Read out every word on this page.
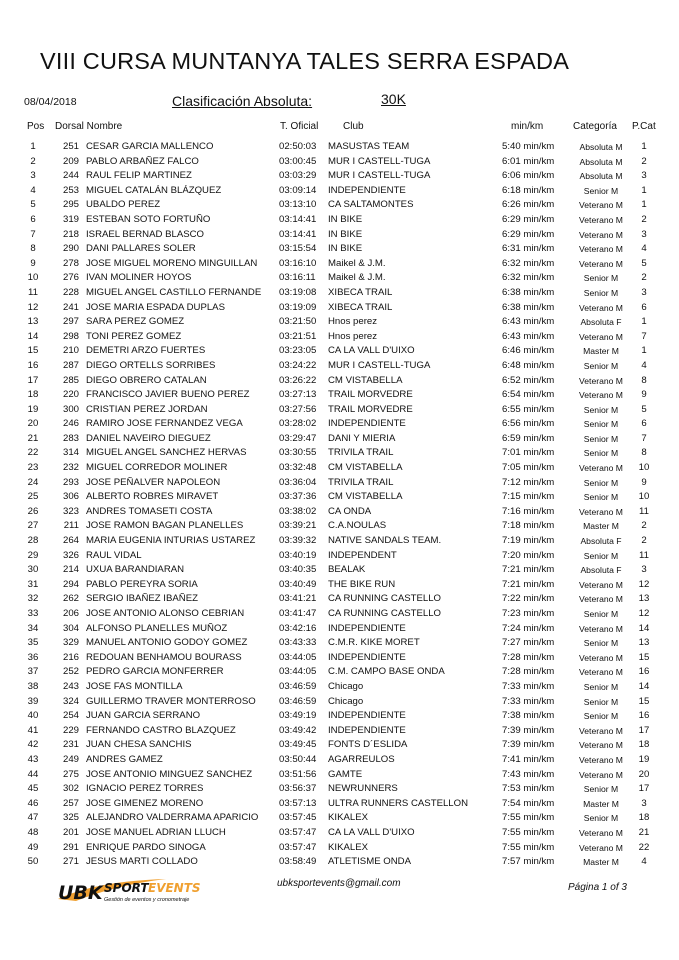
VIII CURSA MUNTANYA TALES SERRA ESPADA
08/04/2018	Clasificación Absoluta:	30K
Pos Dorsal Nombre	T. Oficial Club	min/km	Categoría P.Cat
1	251 CESAR GARCIA MALLENCO	02:50:03 MASUSTAS TEAM	5:40 min/km	Absoluta M	1
2	209 PABLO ARBAÑEZ FALCO	03:00:45 MUR I CASTELL-TUGA	6:01 min/km	Absoluta M	2
3	244 RAUL FELIP MARTINEZ	03:03:29 MUR I CASTELL-TUGA	6:06 min/km	Absoluta M	3
4	253 MIGUEL CATALÁN BLÁZQUEZ	03:09:14 INDEPENDIENTE	6:18 min/km	Senior M	1
5	295 UBALDO PEREZ	03:13:10 CA SALTAMONTES	6:26 min/km	Veterano M	1
6	319 ESTEBAN SOTO FORTUÑO	03:14:41 IN BIKE	6:29 min/km	Veterano M	2
7	218 ISRAEL BERNAD BLASCO	03:14:41 IN BIKE	6:29 min/km	Veterano M	3
8	290 DANI PALLARES SOLER	03:15:54 IN BIKE	6:31 min/km	Veterano M	4
9	278 JOSE MIGUEL MORENO MINGUILLAN	03:16:10 Maikel & J.M.	6:32 min/km	Veterano M	5
10	276 IVAN MOLINER HOYOS	03:16:11 Maikel & J.M.	6:32 min/km	Senior M	2
11	228 MIGUEL ANGEL CASTILLO FERNANDE	03:19:08 XIBECA TRAIL	6:38 min/km	Senior M	3
12	241 JOSE MARIA ESPADA DUPLAS	03:19:09 XIBECA TRAIL	6:38 min/km	Veterano M	6
13	297 SARA PEREZ GOMEZ	03:21:50 Hnos perez	6:43 min/km	Absoluta F	1
14	298 TONI PEREZ GOMEZ	03:21:51 Hnos perez	6:43 min/km	Veterano M	7
15	210 DEMETRI ARZO FUERTES	03:23:05 CA LA VALL D'UIXO	6:46 min/km	Master M	1
16	287 DIEGO ORTELLS SORRIBES	03:24:22 MUR I CASTELL-TUGA	6:48 min/km	Senior M	4
17	285 DIEGO OBRERO CATALAN	03:26:22 CM VISTABELLA	6:52 min/km	Veterano M	8
18	220 FRANCISCO JAVIER BUENO PEREZ	03:27:13 TRAIL MORVEDRE	6:54 min/km	Veterano M	9
19	300 CRISTIAN PEREZ JORDAN	03:27:56 TRAIL MORVEDRE	6:55 min/km	Senior M	5
20	246 RAMIRO JOSE FERNANDEZ VEGA	03:28:02 INDEPENDIENTE	6:56 min/km	Senior M	6
21	283 DANIEL NAVEIRO DIEGUEZ	03:29:47 DANI Y MIERIA	6:59 min/km	Senior M	7
22	314 MIGUEL ANGEL SANCHEZ HERVAS	03:30:55 TRIVILA TRAIL	7:01 min/km	Senior M	8
23	232 MIGUEL CORREDOR MOLINER	03:32:48 CM VISTABELLA	7:05 min/km	Veterano M	10
24	293 JOSE PEÑALVER NAPOLEON	03:36:04 TRIVILA TRAIL	7:12 min/km	Senior M	9
25	306 ALBERTO ROBRES MIRAVET	03:37:36 CM VISTABELLA	7:15 min/km	Senior M	10
26	323 ANDRES TOMASETI COSTA	03:38:02 CA ONDA	7:16 min/km	Veterano M	11
27	211 JOSE RAMON BAGAN PLANELLES	03:39:21 C.A.NOULAS	7:18 min/km	Master M	2
28	264 MARIA EUGENIA INTURIAS USTAREZ	03:39:32 NATIVE SANDALS TEAM.	7:19 min/km	Absoluta F	2
29	326 RAUL VIDAL	03:40:19 INDEPENDENT	7:20 min/km	Senior M	11
30	214 UXUA BARANDIARAN	03:40:35 BEALAK	7:21 min/km	Absoluta F	3
31	294 PABLO PEREYRA SORIA	03:40:49 THE BIKE RUN	7:21 min/km	Veterano M	12
32	262 SERGIO IBAÑEZ IBAÑEZ	03:41:21 CA RUNNING CASTELLO	7:22 min/km	Veterano M	13
33	206 JOSE ANTONIO ALONSO CEBRIAN	03:41:47 CA RUNNING CASTELLO	7:23 min/km	Senior M	12
34	304 ALFONSO PLANELLES MUÑOZ	03:42:16 INDEPENDIENTE	7:24 min/km	Veterano M	14
35	329 MANUEL ANTONIO GODOY GOMEZ	03:43:33 C.M.R. KIKE MORET	7:27 min/km	Senior M	13
36	216 REDOUAN BENHAMOU BOURASS	03:44:05 INDEPENDIENTE	7:28 min/km	Veterano M	15
37	252 PEDRO GARCIA MONFERRER	03:44:05 C.M. CAMPO BASE ONDA	7:28 min/km	Veterano M	16
38	243 JOSE FAS MONTILLA	03:46:59 Chicago	7:33 min/km	Senior M	14
39	324 GUILLERMO TRAVER MONTERROSO	03:46:59 Chicago	7:33 min/km	Senior M	15
40	254 JUAN GARCIA SERRANO	03:49:19 INDEPENDIENTE	7:38 min/km	Senior M	16
41	229 FERNANDO CASTRO BLAZQUEZ	03:49:42 INDEPENDIENTE	7:39 min/km	Veterano M	17
42	231 JUAN CHESA SANCHIS	03:49:45 FONTS D´ESLIDA	7:39 min/km	Veterano M	18
43	249 ANDRES GAMEZ	03:50:44 AGARREULOS	7:41 min/km	Veterano M	19
44	275 JOSE ANTONIO MINGUEZ SANCHEZ	03:51:56 GAMTE	7:43 min/km	Veterano M	20
45	302 IGNACIO PEREZ TORRES	03:56:37 NEWRUNNERS	7:53 min/km	Senior M	17
46	257 JOSE GIMENEZ MORENO	03:57:13 ULTRA RUNNERS CASTELLON	7:54 min/km	Master M	3
47	325 ALEJANDRO VALDERRAMA APARICIO	03:57:45 KIKALEX	7:55 min/km	Senior M	18
48	201 JOSE MANUEL ADRIAN LLUCH	03:57:47 CA LA VALL D'UIXO	7:55 min/km	Veterano M	21
49	291 ENRIQUE PARDO SINOGA	03:57:47 KIKALEX	7:55 min/km	Veterano M	22
50	271 JESUS MARTI COLLADO	03:58:49 ATLETISME ONDA	7:57 min/km	Master M	4
UBK SPORT EVENTS
Gestión de eventos y cronometraje
ubksportevents@gmail.com	Página 1 of 3
